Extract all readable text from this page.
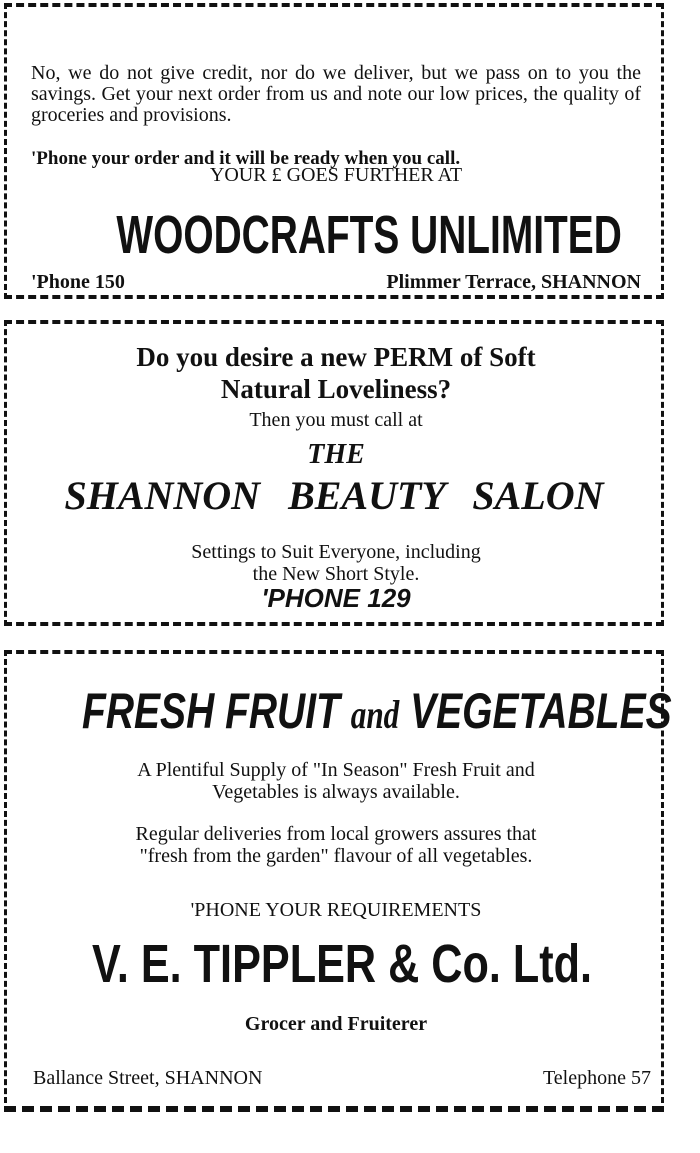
No, we do not give credit, nor do we deliver, but we pass on to you the savings. Get your next order from us and note our low prices, the quality of groceries and provisions.
'Phone your order and it will be ready when you call.
YOUR £ GOES FURTHER AT
WOODCRAFTS UNLIMITED
'Phone 150	Plimmer Terrace, SHANNON
Do you desire a new PERM of Soft
Natural Loveliness?
Then you must call at
THE
SHANNON BEAUTY SALON
Settings to Suit Everyone, including
the New Short Style.
'PHONE 129
FRESH FRUIT and VEGETABLES
A Plentiful Supply of "In Season" Fresh Fruit and
Vegetables is always available.
Regular deliveries from local growers assures that
"fresh from the garden" flavour of all vegetables.
'PHONE YOUR REQUIREMENTS
V. E. TIPPLER & Co. Ltd.
Grocer and Fruiterer
Ballance Street, SHANNON	Telephone 57
